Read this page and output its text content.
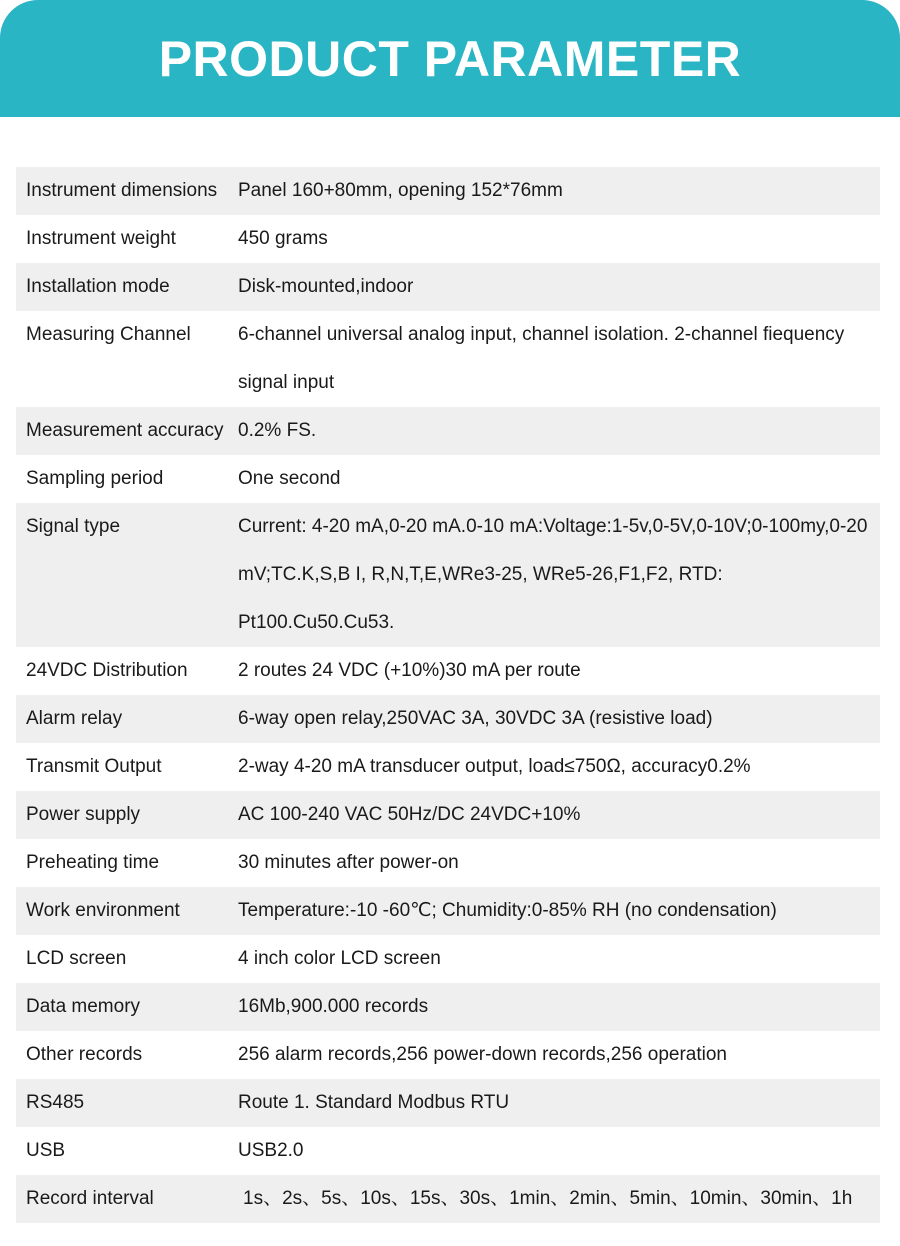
PRODUCT PARAMETER
Instrument dimensions	Panel 160+80mm, opening 152*76mm
Instrument weight	450 grams
Installation mode	Disk-mounted,indoor
Measuring Channel	6-channel universal analog input, channel isolation. 2-channel fiequency signal input
Measurement accuracy 0.2% FS.
Sampling period	One second
Signal type	Current: 4-20 mA,0-20 mA.0-10 mA:Voltage:1-5v,0-5V,0-10V;0-100my,0-20 mV;TC.K,S,B I, R,N,T,E,WRe3-25, WRe5-26,F1,F2, RTD: Pt100.Cu50.Cu53.
24VDC Distribution	2 routes 24 VDC (+10%)30 mA per route
Alarm relay	6-way open relay,250VAC 3A, 30VDC 3A (resistive load)
Transmit Output	2-way 4-20 mA transducer output, load≤750Ω, accuracy0.2%
Power supply	AC 100-240 VAC 50Hz/DC 24VDC+10%
Preheating time	30 minutes after power-on
Work environment	Temperature:-10 -60℃; Chumidity:0-85% RH (no condensation)
LCD screen	4 inch color LCD screen
Data memory	16Mb,900.000 records
Other records	256 alarm records,256 power-down records,256 operation
RS485	Route 1. Standard Modbus RTU
USB	USB2.0
Record interval	1s、2s、5s、10s、15s、30s、1min、2min、5min、10min、30min、1h
